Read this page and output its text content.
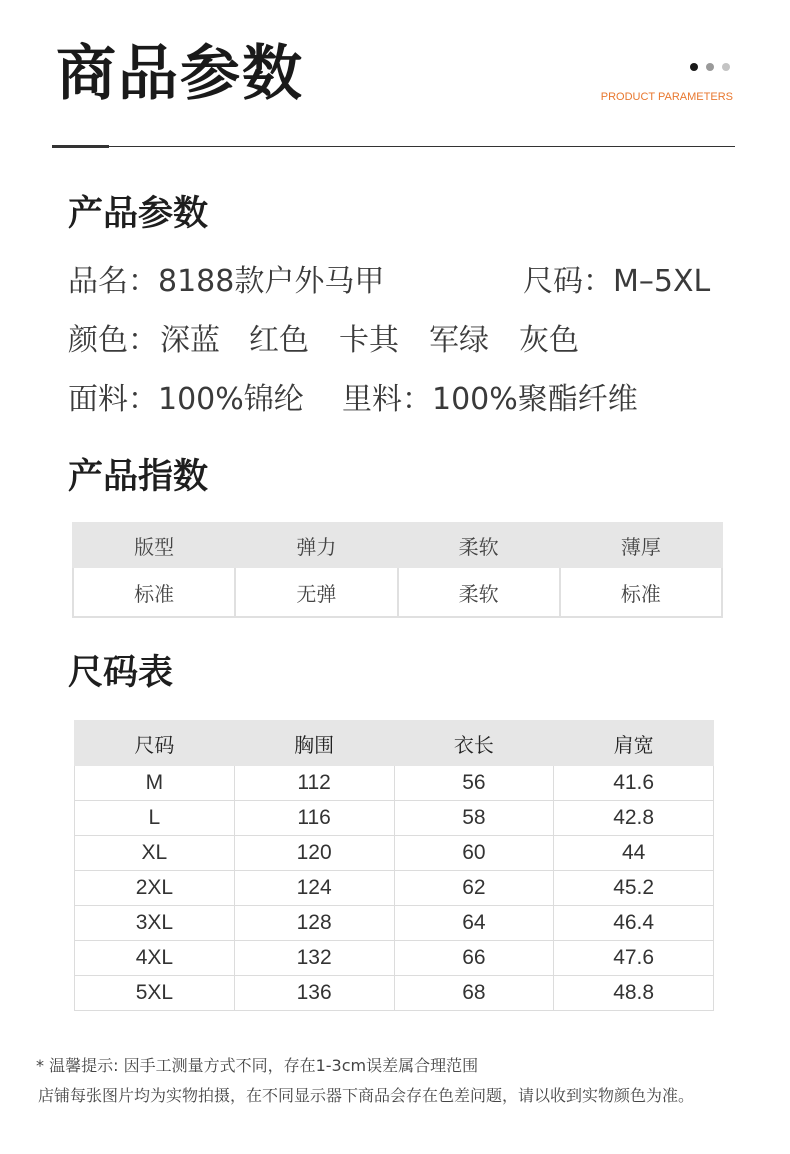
商品参数	PRODUCT PARAMETERS
产品参数
品名：8188款户外马甲	尺码：M–5XL
颜色： 深蓝 红色 卡其 军绿 灰色
面料：100%锦纶 里料：100%聚酯纤维
产品指数
版型	弹力	柔软	薄厚
标准	无弹	柔软	标准
尺码表
尺码	胸围	衣长	肩宽
M	112	56	41.6
L	116	58	42.8
XL	120	60	44
2XL	124	62	45.2
3XL	128	64	46.4
4XL	132	66	47.6
5XL	136	68	48.8
* 温馨提示: 因手工测量方式不同，存在1-3cm误差属合理范围
店铺每张图片均为实物拍摄，在不同显示器下商品会存在色差问题，请以收到实物颜色为准。
